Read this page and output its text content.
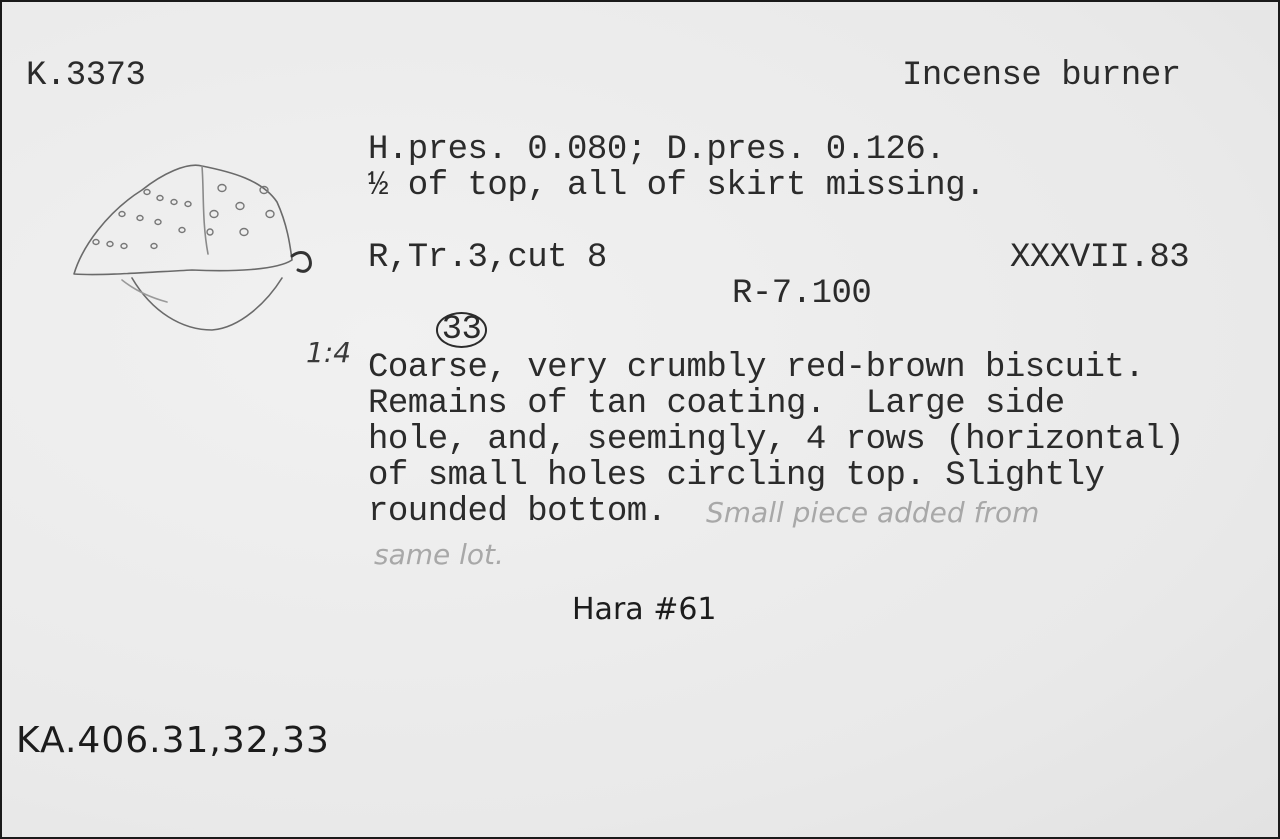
K.3373	Incense burner
H.pres. 0.080; D.pres. 0.126.
½ of top, all of skirt missing.
R,Tr.3,cut 8	XXXVII.83

33

R-7.100
1:4 Coarse, very crumbly red-brown biscuit.
Remains of tan coating.  Large side
hole, and, seemingly, 4 rows (horizontal)
of small holes circling top. Slightly
rounded bottom. Small piece added from
same lot.
Hara #61
KA.406.31,32,33
